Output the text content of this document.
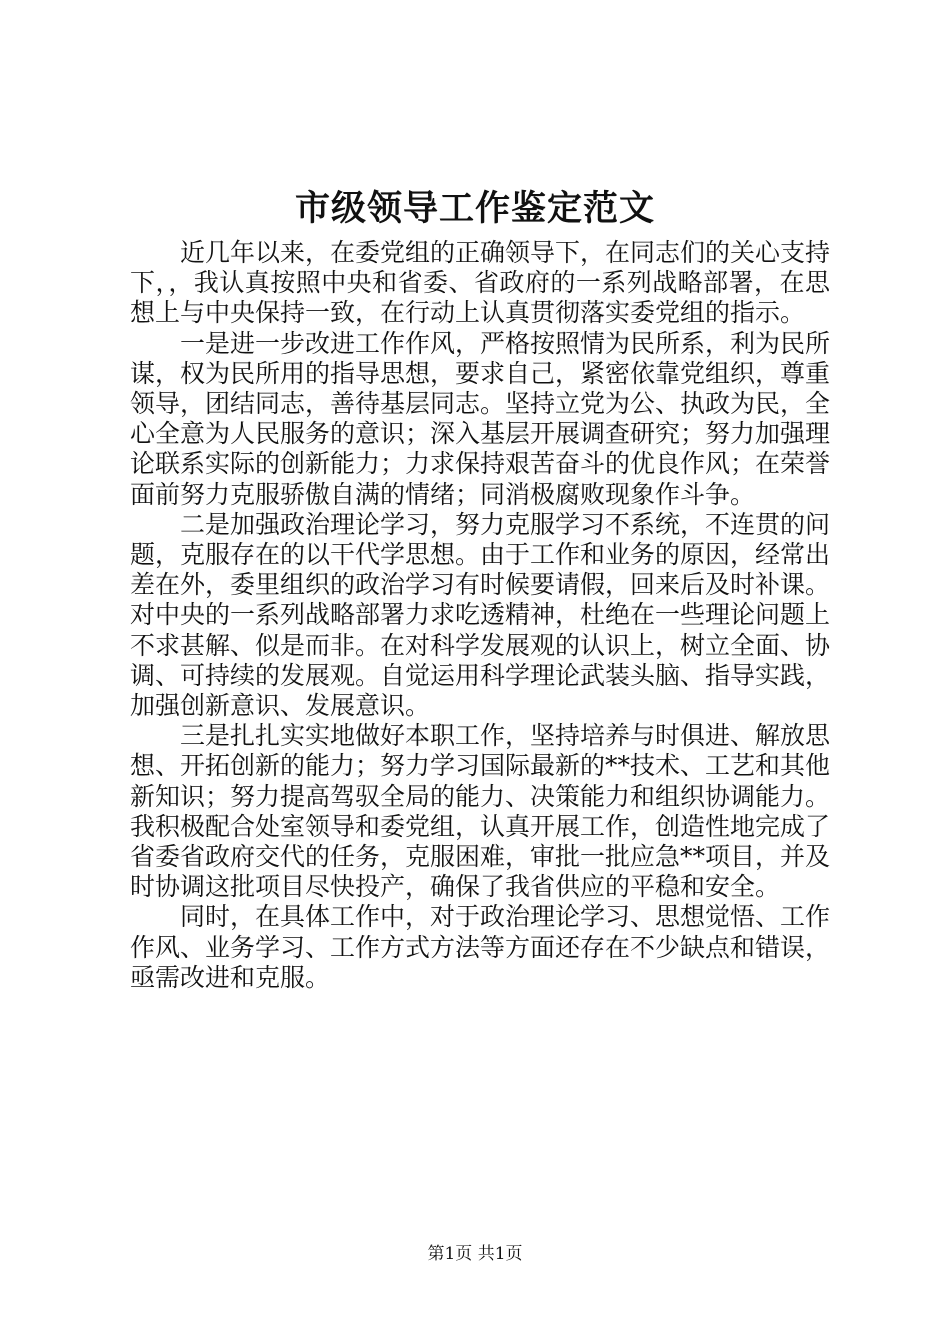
市级领导工作鉴定范文

近几年以来，在委党组的正确领导下，在同志们的关心支持下，，我认真按照中央和省委、省政府的一系列战略部署，在思想上与中央保持一致，在行动上认真贯彻落实委党组的指示。

一是进一步改进工作作风，严格按照情为民所系，利为民所谋，权为民所用的指导思想，要求自己，紧密依靠党组织，尊重领导，团结同志，善待基层同志。坚持立党为公、执政为民，全心全意为人民服务的意识；深入基层开展调查研究；努力加强理论联系实际的创新能力；力求保持艰苦奋斗的优良作风；在荣誉面前努力克服骄傲自满的情绪；同消极腐败现象作斗争。

二是加强政治理论学习，努力克服学习不系统，不连贯的问题，克服存在的以干代学思想。由于工作和业务的原因，经常出差在外，委里组织的政治学习有时候要请假，回来后及时补课。对中央的一系列战略部署力求吃透精神，杜绝在一些理论问题上不求甚解、似是而非。在对科学发展观的认识上，树立全面、协调、可持续的发展观。自觉运用科学理论武装头脑、指导实践，加强创新意识、发展意识。

三是扎扎实实地做好本职工作，坚持培养与时俱进、解放思想、开拓创新的能力；努力学习国际最新的**技术、工艺和其他新知识；努力提高驾驭全局的能力、决策能力和组织协调能力。我积极配合处室领导和委党组，认真开展工作，创造性地完成了省委省政府交代的任务，克服困难，审批一批应急**项目，并及时协调这批项目尽快投产，确保了我省供应的平稳和安全。

同时，在具体工作中，对于政治理论学习、思想觉悟、工作作风、业务学习、工作方式方法等方面还存在不少缺点和错误，亟需改进和克服。

第1页 共1页
